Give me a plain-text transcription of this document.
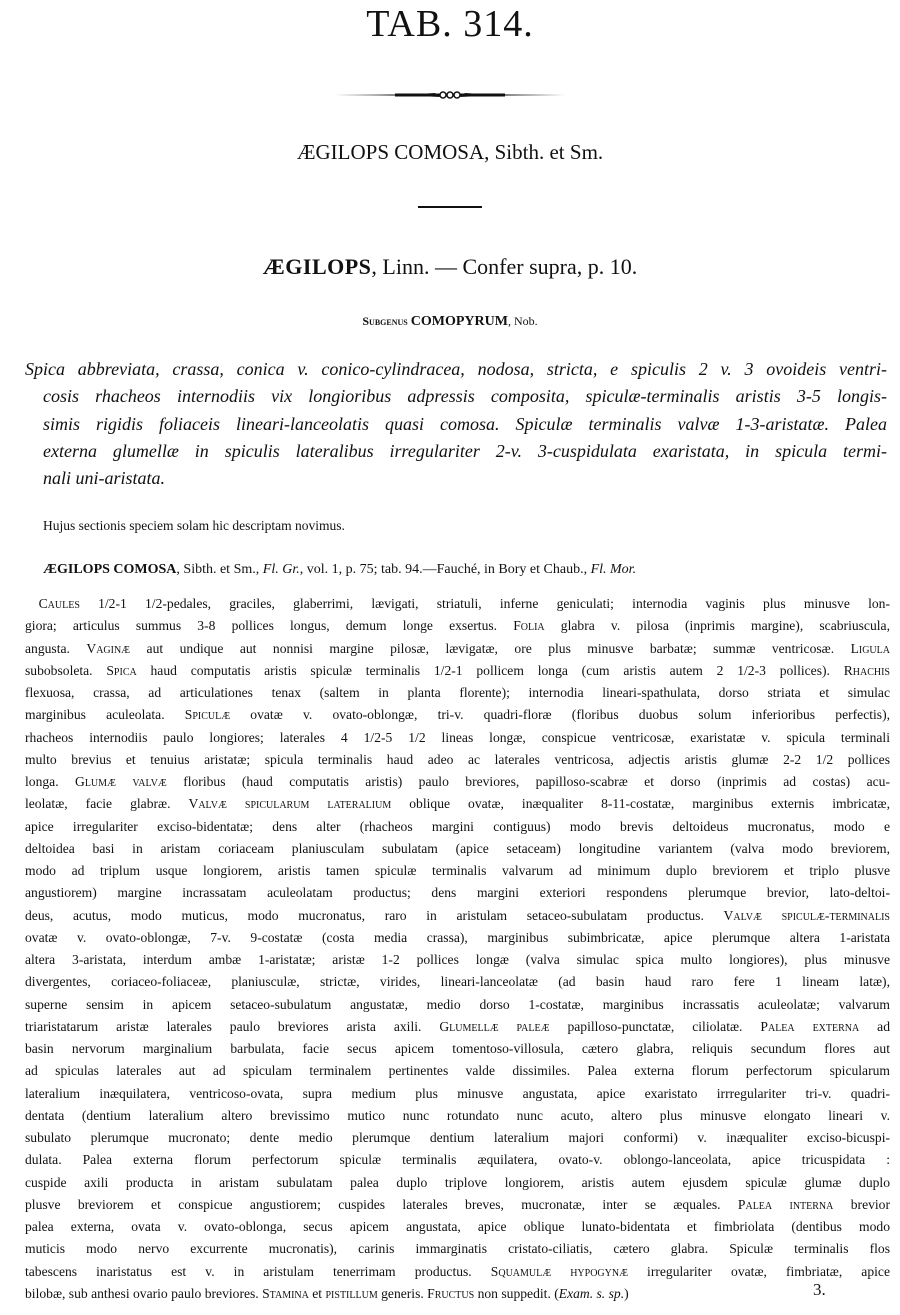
TAB. 314.
ÆGILOPS COMOSA, Sibth. et Sm.
ÆGILOPS, Linn. — Confer supra, p. 10.
Subgenus COMOPYRUM, Nob.
Spica abbreviata, crassa, conica v. conico-cylindracea, nodosa, stricta, e spiculis 2 v. 3 ovoideis ventri-
cosis rhacheos internodiis vix longioribus adpressis composita, spiculæ-terminalis aristis 3-5 longis-
simis rigidis foliaceis lineari-lanceolatis quasi comosa. Spiculæ terminalis valvæ 1-3-aristatæ. Palea
externa glumellæ in spiculis lateralibus irregulariter 2-v. 3-cuspidulata exaristata, in spicula termi-
nali uni-aristata.
Hujus sectionis speciem solam hic descriptam novimus.
ÆGILOPS COMOSA, Sibth. et Sm., Fl. Gr., vol. 1, p. 75; tab. 94.—Fauché, in Bory et Chaub., Fl. Mor.
 Caules 1/2-1 1/2-pedales, graciles, glaberrimi, lævigati, striatuli, inferne geniculati; internodia vaginis plus minusve lon-
giora; articulus summus 3-8 pollices longus, demum longe exsertus. Folia glabra v. pilosa (inprimis margine), scabriuscula,
angusta. Vaginæ aut undique aut nonnisi margine pilosæ, lævigatæ, ore plus minusve barbatæ; summæ ventricosæ. Ligula
subobsoleta. Spica haud computatis aristis spiculæ terminalis 1/2-1 pollicem longa (cum aristis autem 2 1/2-3 pollices). Rhachis
flexuosa, crassa, ad articulationes tenax (saltem in planta florente); internodia lineari-spathulata, dorso striata et simulac
marginibus aculeolata. Spiculæ ovatæ v. ovato-oblongæ, tri-v. quadri-floræ (floribus duobus solum inferioribus perfectis),
rhacheos internodiis paulo longiores; laterales 4 1/2-5 1/2 lineas longæ, conspicue ventricosæ, exaristatæ v. spicula terminali
multo brevius et tenuius aristatæ; spicula terminalis haud adeo ac laterales ventricosa, adjectis aristis glumæ 2-2 1/2 pollices
longa. Glumæ valvæ floribus (haud computatis aristis) paulo breviores, papilloso-scabræ et dorso (inprimis ad costas) acu-
leolatæ, facie glabræ. Valvæ spicularum lateralium oblique ovatæ, inæqualiter 8-11-costatæ, marginibus externis imbricatæ,
apice irregulariter exciso-bidentatæ; dens alter (rhacheos margini contiguus) modo brevis deltoideus mucronatus, modo e
deltoidea basi in aristam coriaceam planiusculam subulatam (apice setaceam) longitudine variantem (valva modo breviorem,
modo ad triplum usque longiorem, aristis tamen spiculæ terminalis valvarum ad minimum duplo breviorem et triplo plusve
angustiorem) margine incrassatam aculeolatam productus; dens margini exteriori respondens plerumque brevior, lato-deltoi-
deus, acutus, modo muticus, modo mucronatus, raro in aristulam setaceo-subulatam productus. Valvæ spiculæ-terminalis
ovatæ v. ovato-oblongæ, 7-v. 9-costatæ (costa media crassa), marginibus subimbricatæ, apice plerumque altera 1-aristata
altera 3-aristata, interdum ambæ 1-aristatæ; aristæ 1-2 pollices longæ (valva simulac spica multo longiores), plus minusve
divergentes, coriaceo-foliaceæ, planiusculæ, strictæ, virides, lineari-lanceolatæ (ad basin haud raro fere 1 lineam latæ),
superne sensim in apicem setaceo-subulatum angustatæ, medio dorso 1-costatæ, marginibus incrassatis aculeolatæ; valvarum
triaristatarum aristæ laterales paulo breviores arista axili. Glumellæ paleæ papilloso-punctatæ, ciliolatæ. Palea externa ad
basin nervorum marginalium barbulata, facie secus apicem tomentoso-villosula, cætero glabra, reliquis secundum flores aut
ad spiculas laterales aut ad spiculam terminalem pertinentes valde dissimiles. Palea externa florum perfectorum spicularum
lateralium inæquilatera, ventricoso-ovata, supra medium plus minusve angustata, apice exaristato irrregulariter tri-v. quadri-
dentata (dentium lateralium altero brevissimo mutico nunc rotundato nunc acuto, altero plus minusve elongato lineari v.
subulato plerumque mucronato; dente medio plerumque dentium lateralium majori conformi) v. inæqualiter exciso-bicuspi-
dulata. Palea externa florum perfectorum spiculæ terminalis æquilatera, ovato-v. oblongo-lanceolata, apice tricuspidata :
cuspide axili producta in aristam subulatam palea duplo triplove longiorem, aristis autem ejusdem spiculæ glumæ duplo
plusve breviorem et conspicue angustiorem; cuspides laterales breves, mucronatæ, inter se æquales. Palea interna brevior
palea externa, ovata v. ovato-oblonga, secus apicem angustata, apice oblique lunato-bidentata et fimbriolata (dentibus modo
muticis modo nervo excurrente mucronatis), carinis immarginatis cristato-ciliatis, cætero glabra. Spiculæ terminalis flos
tabescens inaristatus est v. in aristulam tenerrimam productus. Squamulæ hypogynæ irregulariter ovatæ, fimbriatæ, apice
bilobæ, sub anthesi ovario paulo breviores. Stamina et pistillum generis. Fructus non suppedit. (Exam. s. sp.)	3.
